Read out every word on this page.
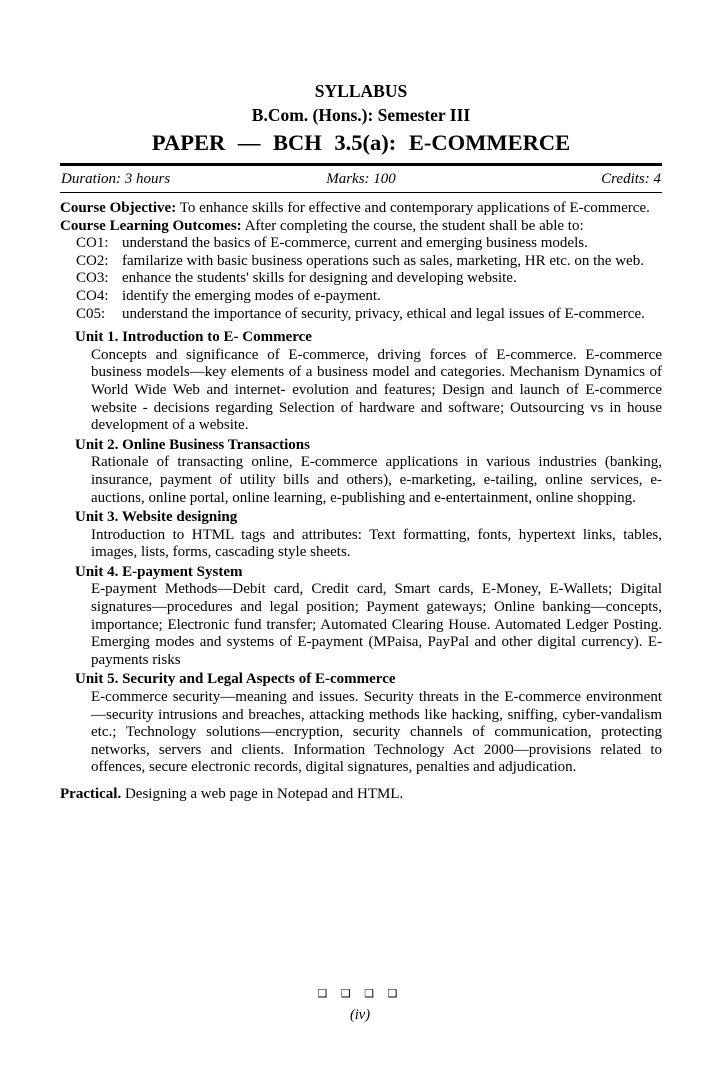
SYLLABUS
B.Com. (Hons.): Semester III
PAPER — BCH 3.5(a): E-COMMERCE
Duration: 3 hours	Marks: 100	Credits: 4

Course Objective: To enhance skills for effective and contemporary applications of E-commerce.

Course Learning Outcomes: After completing the course, the student shall be able to:

CO1: understand the basics of E-commerce, current and emerging business models.
CO2: familarize with basic business operations such as sales, marketing, HR etc. on the web.
CO3: enhance the students' skills for designing and developing website.
CO4: identify the emerging modes of e-payment.
C05:	understand the importance of security, privacy, ethical and legal issues of E-commerce.

Unit 1. Introduction to E- Commerce

Concepts and significance of E-commerce, driving forces of E-commerce. E-commerce business models—key elements of a business model and categories. Mechanism Dynamics of World Wide Web and internet- evolution and features; Design and launch of E-commerce website - decisions regarding Selection of hardware and software; Outsourcing vs in house development of a website.

Unit 2. Online Business Transactions

Rationale of transacting online, E-commerce applications in various industries (banking, insurance, payment of utility bills and others), e-marketing, e-tailing, online services, e-auctions, online portal, online learning, e-publishing and e-entertainment, online shopping.

Unit 3. Website designing

Introduction to HTML tags and attributes: Text formatting, fonts, hypertext links, tables, images, lists, forms, cascading style sheets.

Unit 4. E-payment System

E-payment Methods—Debit card, Credit card, Smart cards, E-Money, E-Wallets; Digital signatures—procedures and legal position; Payment gateways; Online banking—concepts, importance; Electronic fund transfer; Automated Clearing House. Automated Ledger Posting. Emerging modes and systems of E-payment (MPaisa, PayPal and other digital currency). E-payments risks

Unit 5. Security and Legal Aspects of E-commerce

E-commerce security—meaning and issues. Security threats in the E-commerce environment—security intrusions and breaches, attacking methods like hacking, sniffing, cyber-vandalism etc.; Technology solutions—encryption, security channels of communication, protecting networks, servers and clients. Information Technology Act 2000—provisions related to offences, secure electronic records, digital signatures, penalties and adjudication.

Practical. Designing a web page in Notepad and HTML.

❑ ❑ ❑ ❑
(iv)
